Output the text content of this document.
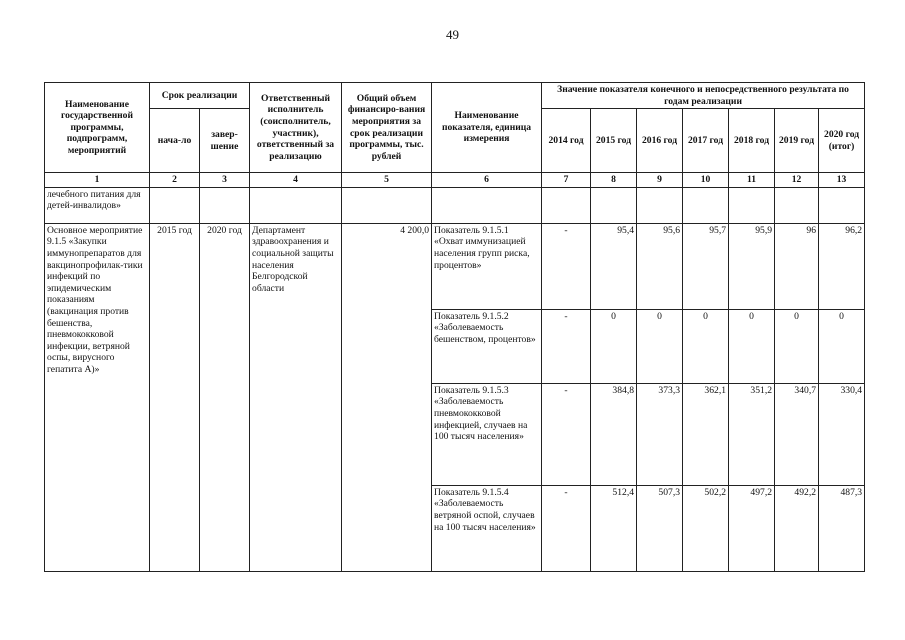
49
Наименование государственной программы, подпрограмм, мероприятий	Срок реализации		Ответственный исполнитель (соисполнитель, участник), ответственный за реализацию	Общий объем финансиро-вания мероприятия за срок реализации программы, тыс. рублей	Наименование показателя, единица измерения	Значение показателя конечного и непосредственного результата по годам реализации						
	нача-ло	завер-шение				2014 год	2015 год	2016 год	2017 год	2018 год	2019 год	2020 год (итог)
1	2	3	4	5	6	7	8	9	10	11	12	13
лечебного питания для детей-инвалидов»												
Основное мероприятие 9.1.5 «Закупки иммунопрепаратов для вакцинопрофилак-тики инфекций по эпидемическим показаниям (вакцинация против бешенства, пневмококковой инфекции, ветряной оспы, вирусного гепатита А)»	2015 год	2020 год	Департамент здравоохранения и социальной защиты населения Белгородской области	4 200,0	Показатель 9.1.5.1 «Охват иммунизацией населения групп риска, процентов»	-	95,4	95,6	95,7	95,9	96	96,2
					Показатель 9.1.5.2 «Заболеваемость бешенством, процентов»	-	0	0	0	0	0	0
					Показатель 9.1.5.3 «Заболеваемость пневмококковой инфекцией, случаев на 100 тысяч населения»	-	384,8	373,3	362,1	351,2	340,7	330,4
					Показатель 9.1.5.4 «Заболеваемость ветряной оспой, случаев на 100 тысяч населения»	-	512,4	507,3	502,2	497,2	492,2	487,3
